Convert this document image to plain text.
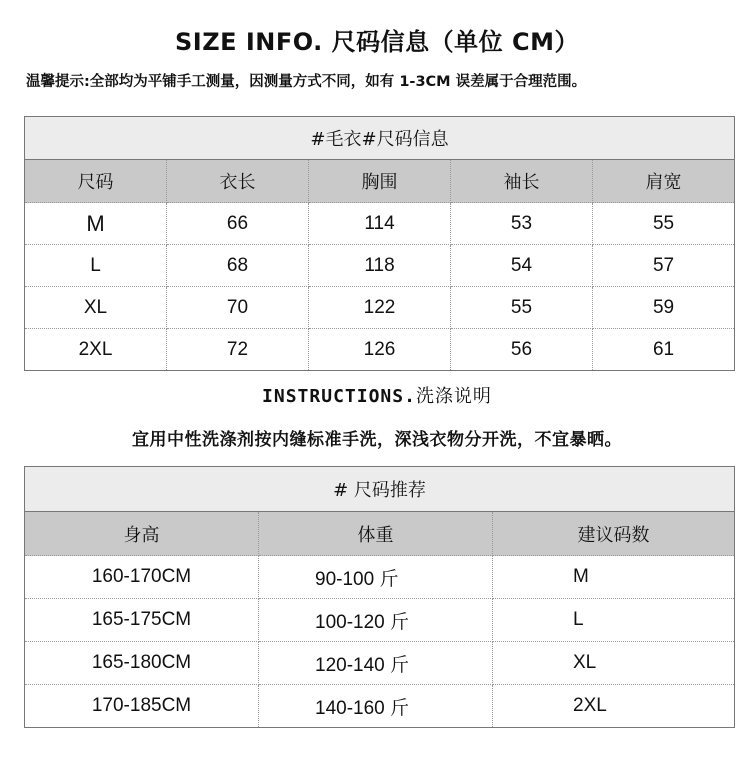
SIZE INFO. 尺码信息（单位 CM）
温馨提示:全部均为平铺手工测量，因测量方式不同，如有 1-3CM 误差属于合理范围。
#毛衣#尺码信息				
尺码	衣长	胸围	袖长	肩宽
M	66	114	53	55
L	68	118	54	57
XL	70	122	55	59
2XL	72	126	56	61
INSTRUCTIONS.洗涤说明
宜用中性洗涤剂按内缝标准手洗，深浅衣物分开洗，不宜暴晒。
# 尺码推荐		
身高	体重	建议码数
160-170CM	90-100 斤	M
165-175CM	100-120 斤	L
165-180CM	120-140 斤	XL
170-185CM	140-160 斤	2XL
